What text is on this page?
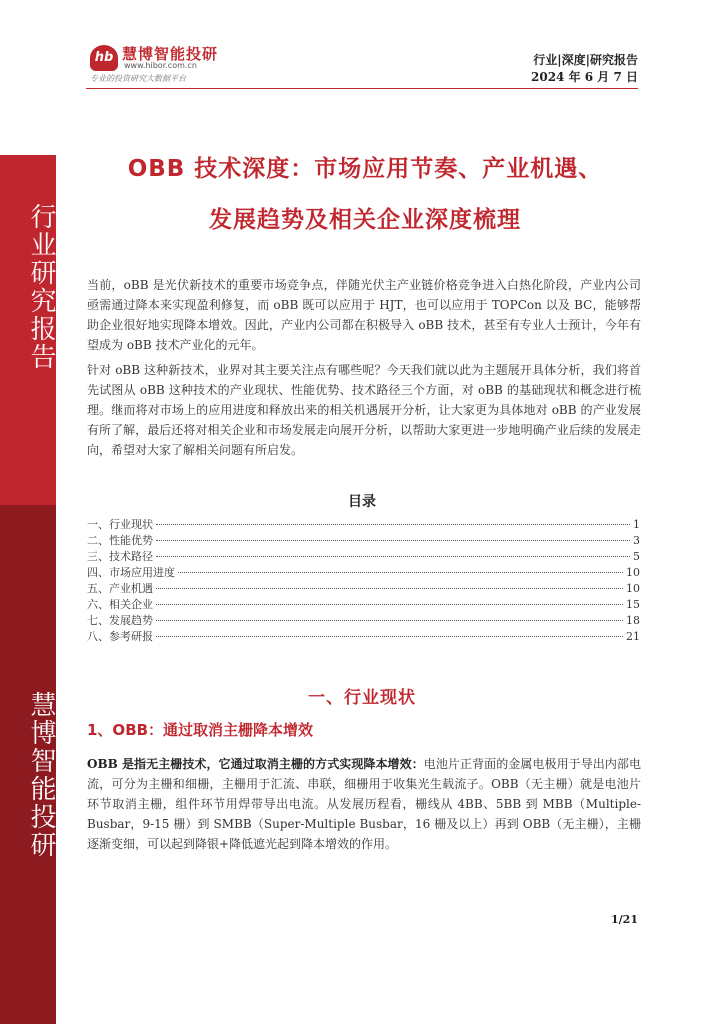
行业研究报告
慧博智能投研
hb 慧博智能投研
www.hibor.com.cn
专业的投资研究大数据平台
行业|深度|研究报告
2024 年 6 月 7 日
OBB 技术深度：市场应用节奏、产业机遇、
发展趋势及相关企业深度梳理

当前，oBB 是光伏新技术的重要市场竞争点，伴随光伏主产业链价格竞争进入白热化阶段，产业内公司亟需通过降本来实现盈利修复，而 oBB 既可以应用于 HJT，也可以应用于 TOPCon 以及 BC，能够帮助企业很好地实现降本增效。因此，产业内公司都在积极导入 oBB 技术，甚至有专业人士预计，今年有望成为 oBB 技术产业化的元年。

针对 oBB 这种新技术，业界对其主要关注点有哪些呢？今天我们就以此为主题展开具体分析，我们将首先试图从 oBB 这种技术的产业现状、性能优势、技术路径三个方面，对 oBB 的基础现状和概念进行梳理。继而将对市场上的应用进度和释放出来的相关机遇展开分析，让大家更为具体地对 oBB 的产业发展有所了解，最后还将对相关企业和市场发展走向展开分析，以帮助大家更进一步地明确产业后续的发展走向，希望对大家了解相关问题有所启发。

目录
一、行业现状	1
二、性能优势	3
三、技术路径	5
四、市场应用进度	10
五、产业机遇	10
六、相关企业	15
七、发展趋势	18
八、参考研报	21
一、行业现状
1、OBB：通过取消主栅降本增效

OBB 是指无主栅技术，它通过取消主栅的方式实现降本增效：电池片正背面的金属电极用于导出内部电流，可分为主栅和细栅，主栅用于汇流、串联，细栅用于收集光生载流子。OBB（无主栅）就是电池片环节取消主栅，组件环节用焊带导出电流。从发展历程看，栅线从 4BB、5BB 到 MBB（Multiple-Busbar，9-15 栅）到 SMBB（Super-Multiple Busbar，16 栅及以上）再到 OBB（无主栅），主栅逐渐变细，可以起到降银+降低遮光起到降本增效的作用。

1/21
